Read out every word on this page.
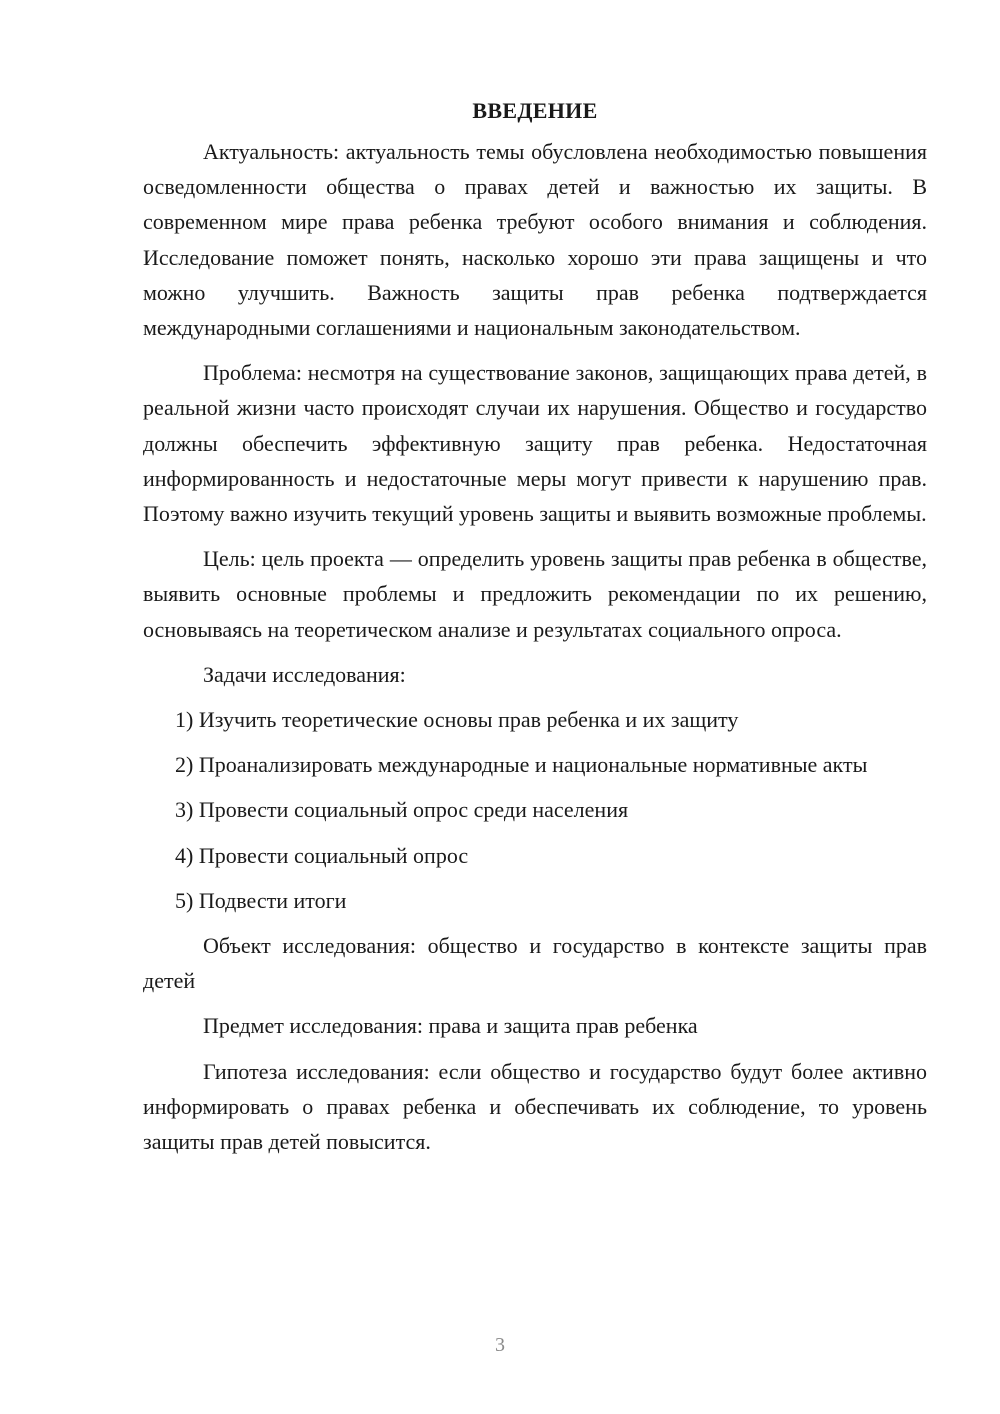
ВВЕДЕНИЕ

Актуальность: актуальность темы обусловлена необходимостью повышения осведомленности общества о правах детей и важностью их защиты. В современном мире права ребенка требуют особого внимания и соблюдения. Исследование поможет понять, насколько хорошо эти права защищены и что можно улучшить. Важность защиты прав ребенка подтверждается международными соглашениями и национальным законодательством.

Проблема: несмотря на существование законов, защищающих права детей, в реальной жизни часто происходят случаи их нарушения. Общество и государство должны обеспечить эффективную защиту прав ребенка. Недостаточная информированность и недостаточные меры могут привести к нарушению прав. Поэтому важно изучить текущий уровень защиты и выявить возможные проблемы.

Цель: цель проекта — определить уровень защиты прав ребенка в обществе, выявить основные проблемы и предложить рекомендации по их решению, основываясь на теоретическом анализе и результатах социального опроса.

Задачи исследования:

1) Изучить теоретические основы прав ребенка и их защиту

2) Проанализировать международные и национальные нормативные акты

3) Провести социальный опрос среди населения

4) Провести социальный опрос

5) Подвести итоги

Объект исследования: общество и государство в контексте защиты прав детей

Предмет исследования: права и защита прав ребенка

Гипотеза исследования: если общество и государство будут более активно информировать о правах ребенка и обеспечивать их соблюдение, то уровень защиты прав детей повысится.

3
